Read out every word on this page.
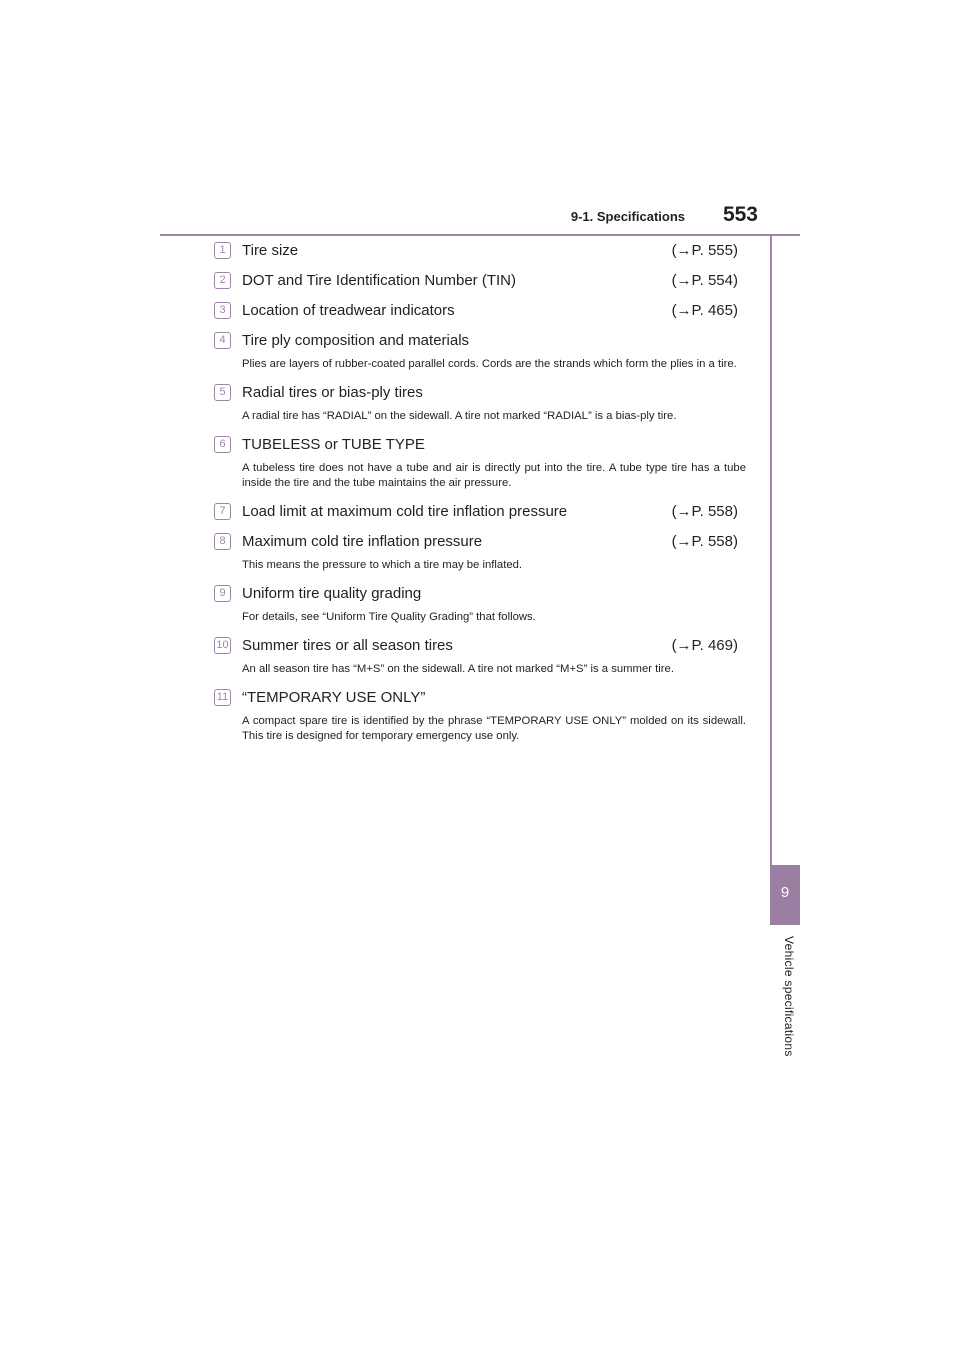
9-1. Specifications 553
9
Vehicle specifications
1	Tire size	(→P. 555)
2	DOT and Tire Identification Number (TIN)	(→P. 554)
3	Location of treadwear indicators	(→P. 465)
4	Tire ply composition and materials
Plies are layers of rubber-coated parallel cords. Cords are the strands which form the plies in a tire.
5	Radial tires or bias-ply tires
A radial tire has “RADIAL” on the sidewall. A tire not marked “RADIAL” is a bias-ply tire.
6	TUBELESS or TUBE TYPE
A tubeless tire does not have a tube and air is directly put into the tire. A tube type tire has a tube inside the tire and the tube maintains the air pressure.
7	Load limit at maximum cold tire inflation pressure	(→P. 558)
8	Maximum cold tire inflation pressure	(→P. 558)
This means the pressure to which a tire may be inflated.
9	Uniform tire quality grading
For details, see “Uniform Tire Quality Grading” that follows.
10 Summer tires or all season tires	(→P. 469)
An all season tire has “M+S” on the sidewall. A tire not marked “M+S” is a summer tire.
11 “TEMPORARY USE ONLY”
A compact spare tire is identified by the phrase “TEMPORARY USE ONLY” molded on its sidewall. This tire is designed for temporary emergency use only.
